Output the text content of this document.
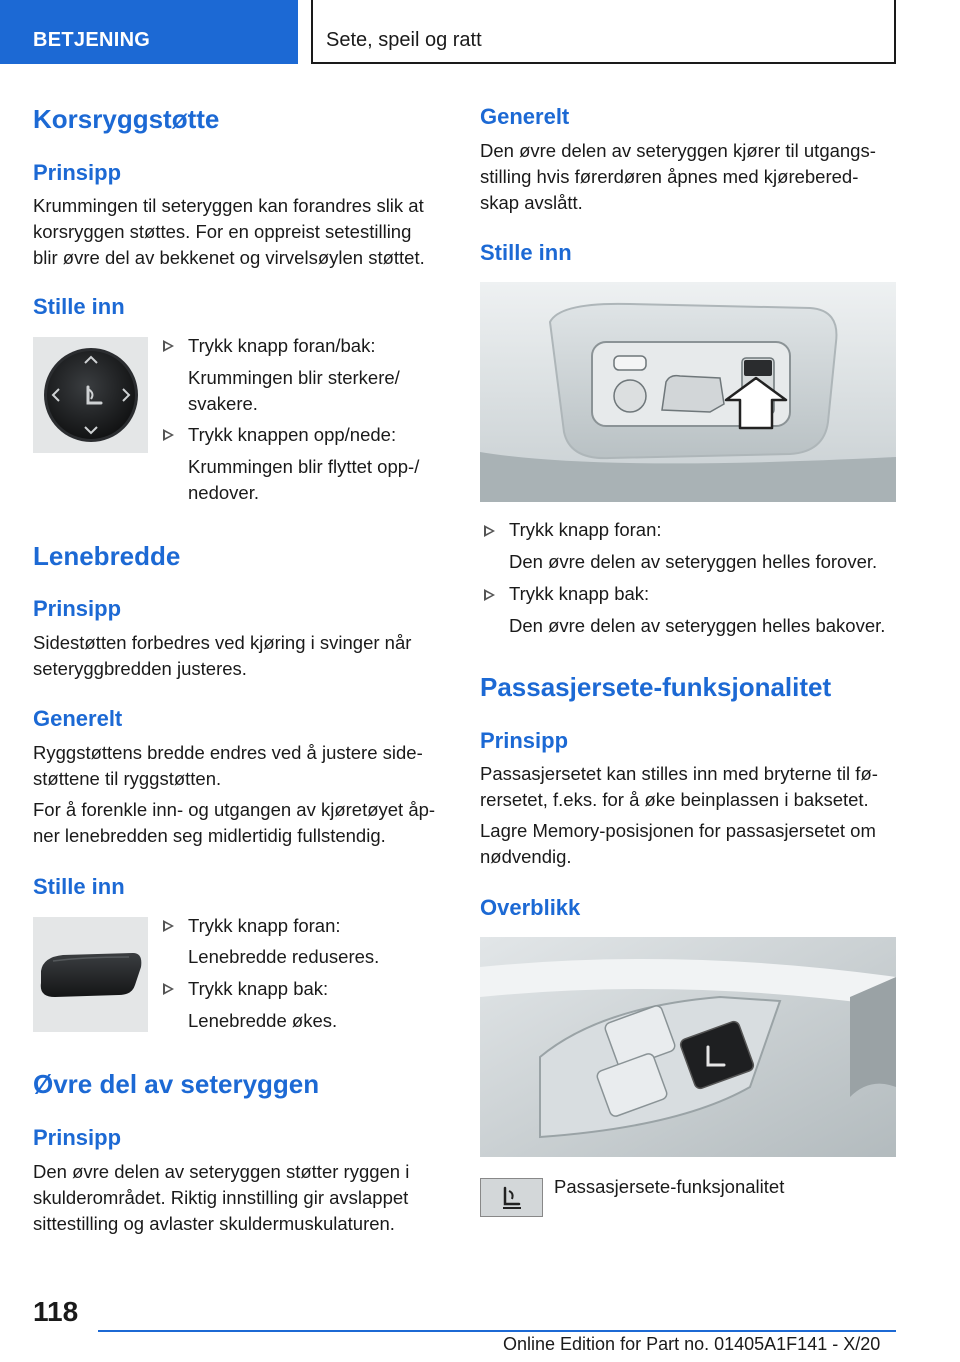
BETJENING	Sete, speil og ratt
Korsryggstøtte
Prinsipp
Krummingen til seteryggen kan forandres slik at
korsryggen støttes. For en oppreist setestilling
blir øvre del av bekkenet og virvelsøylen støttet.
Stille inn
Trykk knapp foran/bak:
Krummingen blir sterkere/
svakere.
Trykk knappen opp/nede:
Krummingen blir flyttet opp-/
nedover.
Lenebredde
Prinsipp
Sidestøtten forbedres ved kjøring i svinger når
seteryggbredden justeres.
Generelt
Ryggstøttens bredde endres ved å justere side-
støttene til ryggstøtten.
For å forenkle inn- og utgangen av kjøretøyet åp-
ner lenebredden seg midlertidig fullstendig.
Stille inn
Trykk knapp foran:
Lenebredde reduseres.
Trykk knapp bak:
Lenebredde økes.
Øvre del av seteryggen
Prinsipp
Den øvre delen av seteryggen støtter ryggen i
skulderområdet. Riktig innstilling gir avslappet
sittestilling og avlaster skuldermuskulaturen.
Generelt
Den øvre delen av seteryggen kjører til utgangs-
stilling hvis førerdøren åpnes med kjørebered-
skap avslått.
Stille inn
Trykk knapp foran:
Den øvre delen av seteryggen helles forover.
Trykk knapp bak:
Den øvre delen av seteryggen helles bakover.
Passasjersete-funksjonalitet
Prinsipp
Passasjersetet kan stilles inn med bryterne til fø-
rersetet, f.eks. for å øke beinplassen i baksetet.
Lagre Memory-posisjonen for passasjersetet om
nødvendig.
Overblikk
Passasjersete-funksjonalitet
118
Online Edition for Part no. 01405A1F141 - X/20
